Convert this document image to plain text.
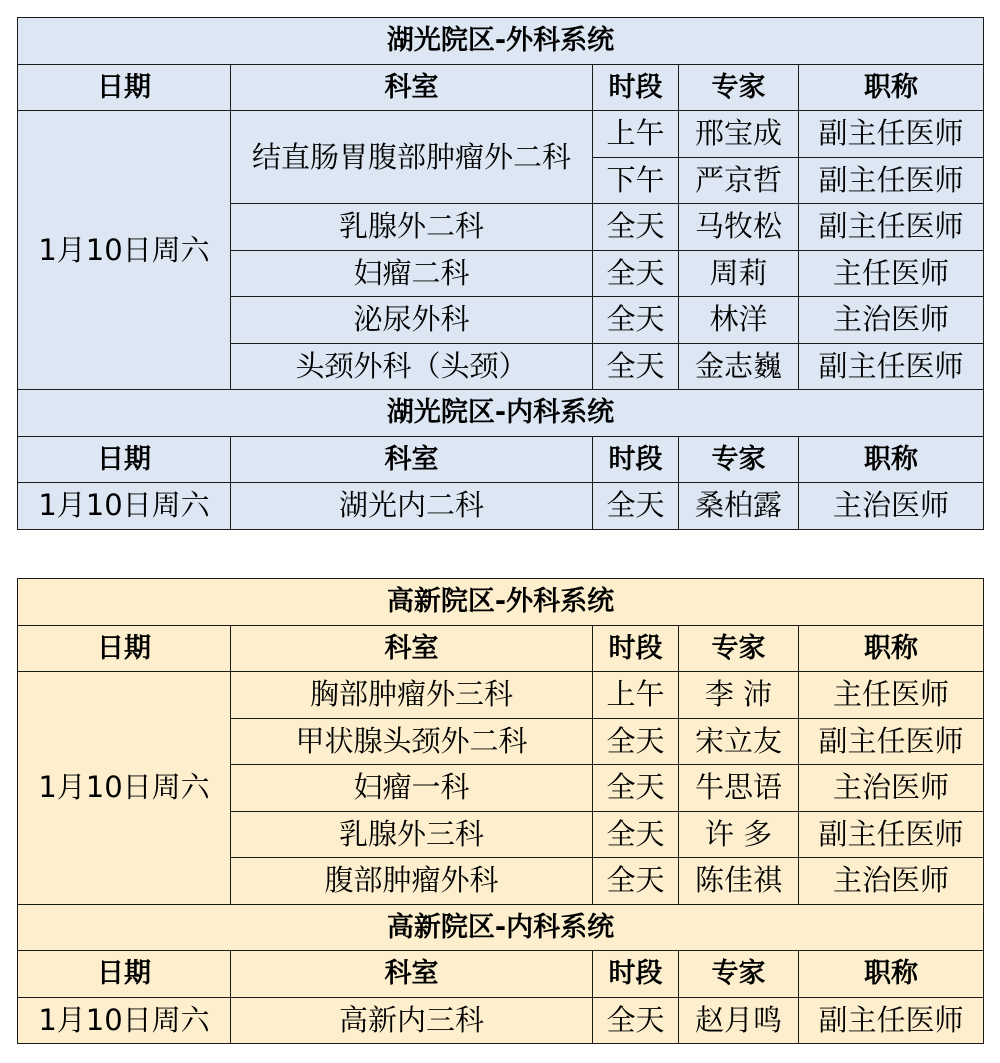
湖光院区-外科系统				
日期	科室	时段	专家	职称
1月10日周六	结直肠胃腹部肿瘤外二科	上午	邢宝成	副主任医师
		下午	严京哲	副主任医师
	乳腺外二科	全天	马牧松	副主任医师
	妇瘤二科	全天	周莉	主任医师
	泌尿外科	全天	林洋	主治医师
	头颈外科（头颈）	全天	金志巍	副主任医师
湖光院区-内科系统				
日期	科室	时段	专家	职称
1月10日周六	湖光内二科	全天	桑柏露	主治医师
高新院区-外科系统				
日期	科室	时段	专家	职称
1月10日周六	胸部肿瘤外三科	上午	李 沛	主任医师
	甲状腺头颈外二科	全天	宋立友	副主任医师
	妇瘤一科	全天	牛思语	主治医师
	乳腺外三科	全天	许 多	副主任医师
	腹部肿瘤外科	全天	陈佳祺	主治医师
高新院区-内科系统				
日期	科室	时段	专家	职称
1月10日周六	高新内三科	全天	赵月鸣	副主任医师
